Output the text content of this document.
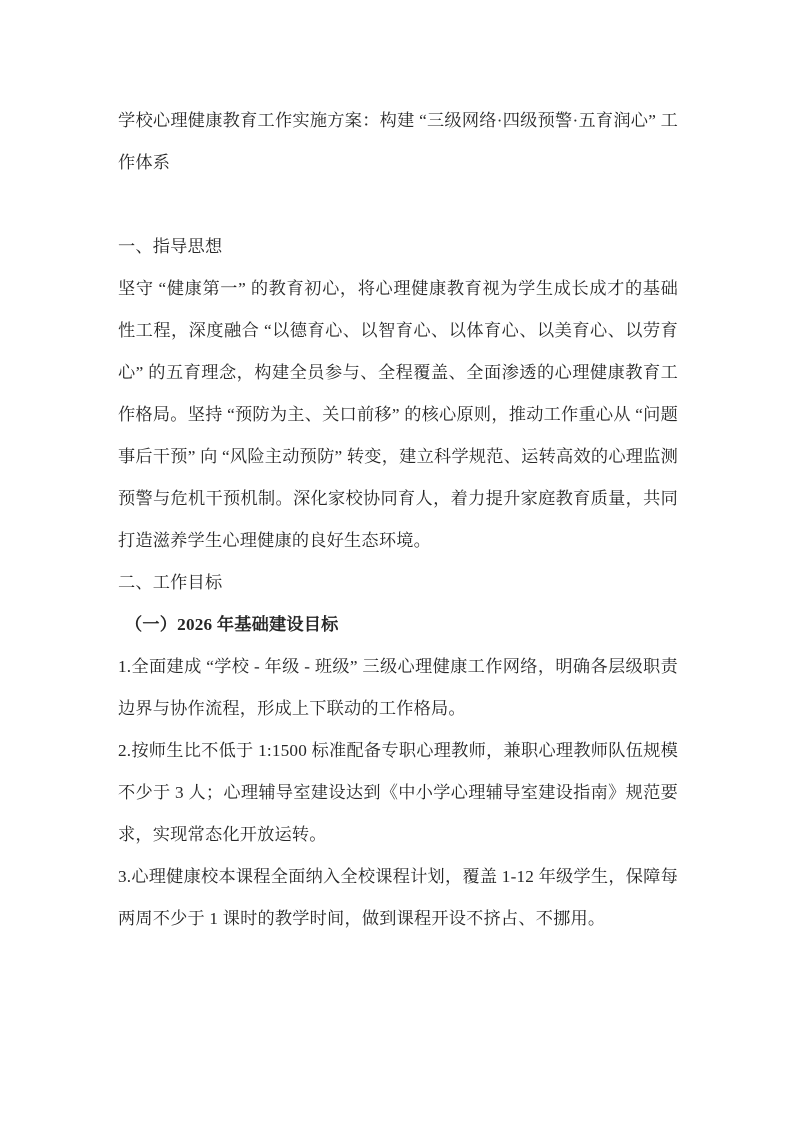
学校心理健康教育工作实施方案：构建 “三级网络·四级预警·五育润心” 工作体系
一、指导思想

坚守 “健康第一” 的教育初心，将心理健康教育视为学生成长成才的基础性工程，深度融合 “以德育心、以智育心、以体育心、以美育心、以劳育心” 的五育理念，构建全员参与、全程覆盖、全面渗透的心理健康教育工作格局。坚持 “预防为主、关口前移” 的核心原则，推动工作重心从 “问题事后干预” 向 “风险主动预防” 转变，建立科学规范、运转高效的心理监测预警与危机干预机制。深化家校协同育人，着力提升家庭教育质量，共同打造滋养学生心理健康的良好生态环境。

二、工作目标
（一）2026 年基础建设目标

1.全面建成 “学校 - 年级 - 班级” 三级心理健康工作网络，明确各层级职责边界与协作流程，形成上下联动的工作格局。

2.按师生比不低于 1:1500 标准配备专职心理教师，兼职心理教师队伍规模不少于 3 人；心理辅导室建设达到《中小学心理辅导室建设指南》规范要求，实现常态化开放运转。

3.心理健康校本课程全面纳入全校课程计划，覆盖 1-12 年级学生，保障每两周不少于 1 课时的教学时间，做到课程开设不挤占、不挪用。
